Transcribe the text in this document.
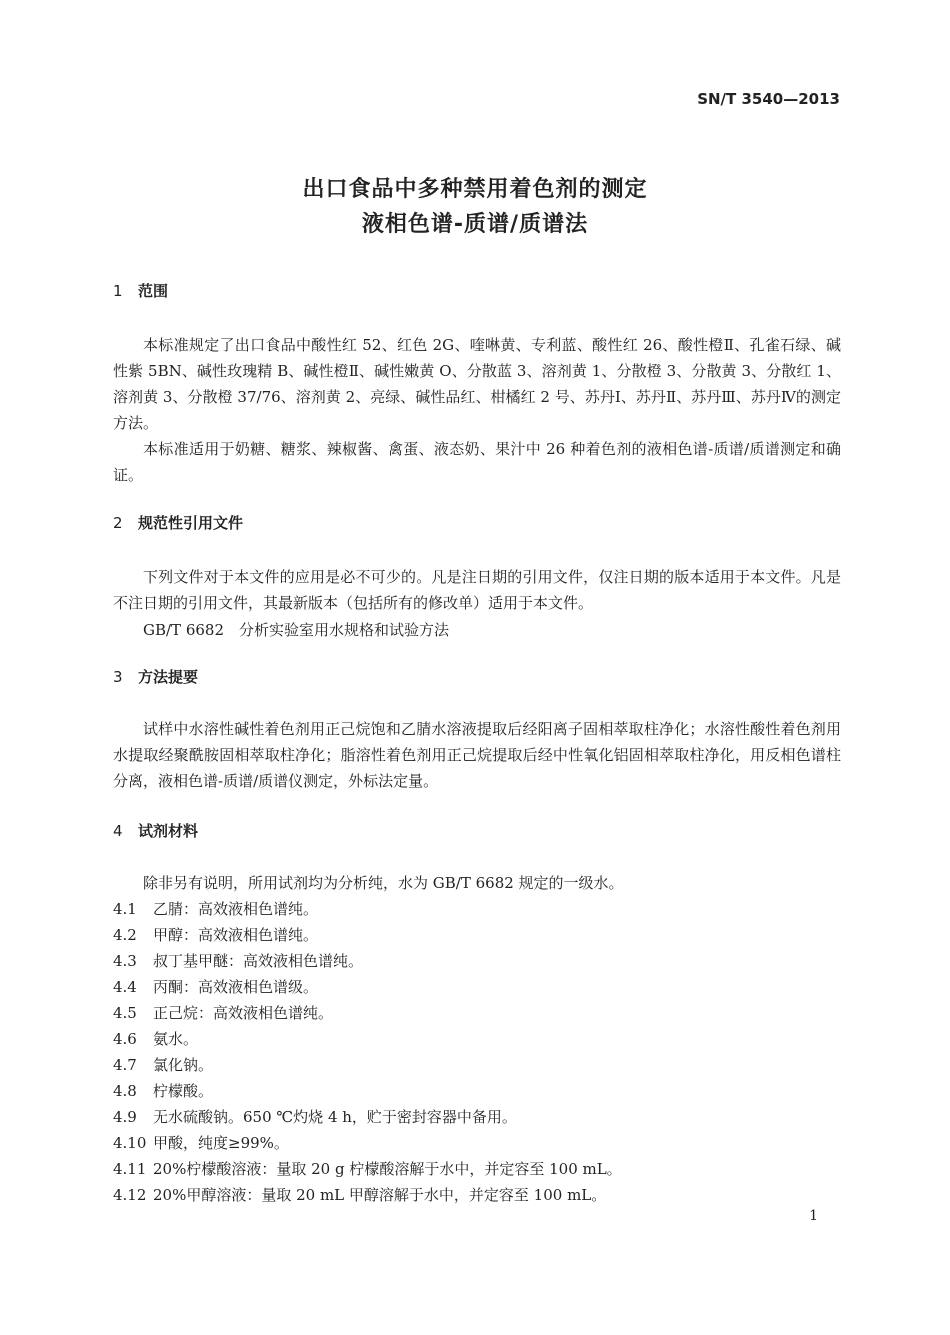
SN/T 3540—2013
出口食品中多种禁用着色剂的测定
液相色谱-质谱/质谱法
1 范围
本标准规定了出口食品中酸性红 52、红色 2G、喹啉黄、专利蓝、酸性红 26、酸性橙Ⅱ、孔雀石绿、碱性紫 5BN、碱性玫瑰精 B、碱性橙Ⅱ、碱性嫩黄 O、分散蓝 3、溶剂黄 1、分散橙 3、分散黄 3、分散红 1、溶剂黄 3、分散橙 37/76、溶剂黄 2、亮绿、碱性品红、柑橘红 2 号、苏丹Ⅰ、苏丹Ⅱ、苏丹Ⅲ、苏丹Ⅳ的测定方法。
本标准适用于奶糖、糖浆、辣椒酱、禽蛋、液态奶、果汁中 26 种着色剂的液相色谱-质谱/质谱测定和确证。
2 规范性引用文件
下列文件对于本文件的应用是必不可少的。凡是注日期的引用文件，仅注日期的版本适用于本文件。凡是不注日期的引用文件，其最新版本（包括所有的修改单）适用于本文件。
GB/T 6682　分析实验室用水规格和试验方法
3 方法提要
试样中水溶性碱性着色剂用正己烷饱和乙腈水溶液提取后经阳离子固相萃取柱净化；水溶性酸性着色剂用水提取经聚酰胺固相萃取柱净化；脂溶性着色剂用正己烷提取后经中性氧化铝固相萃取柱净化，用反相色谱柱分离，液相色谱-质谱/质谱仪测定，外标法定量。
4 试剂材料
除非另有说明，所用试剂均为分析纯，水为 GB/T 6682 规定的一级水。
4.1 乙腈：高效液相色谱纯。
4.2 甲醇：高效液相色谱纯。
4.3 叔丁基甲醚：高效液相色谱纯。
4.4 丙酮：高效液相色谱级。
4.5 正己烷：高效液相色谱纯。
4.6 氨水。
4.7 氯化钠。
4.8 柠檬酸。
4.9 无水硫酸钠。650 ℃灼烧 4 h，贮于密封容器中备用。
4.10 甲酸，纯度≥99%。
4.11 20%柠檬酸溶液：量取 20 g 柠檬酸溶解于水中，并定容至 100 mL。
4.12 20%甲醇溶液：量取 20 mL 甲醇溶解于水中，并定容至 100 mL。
1
